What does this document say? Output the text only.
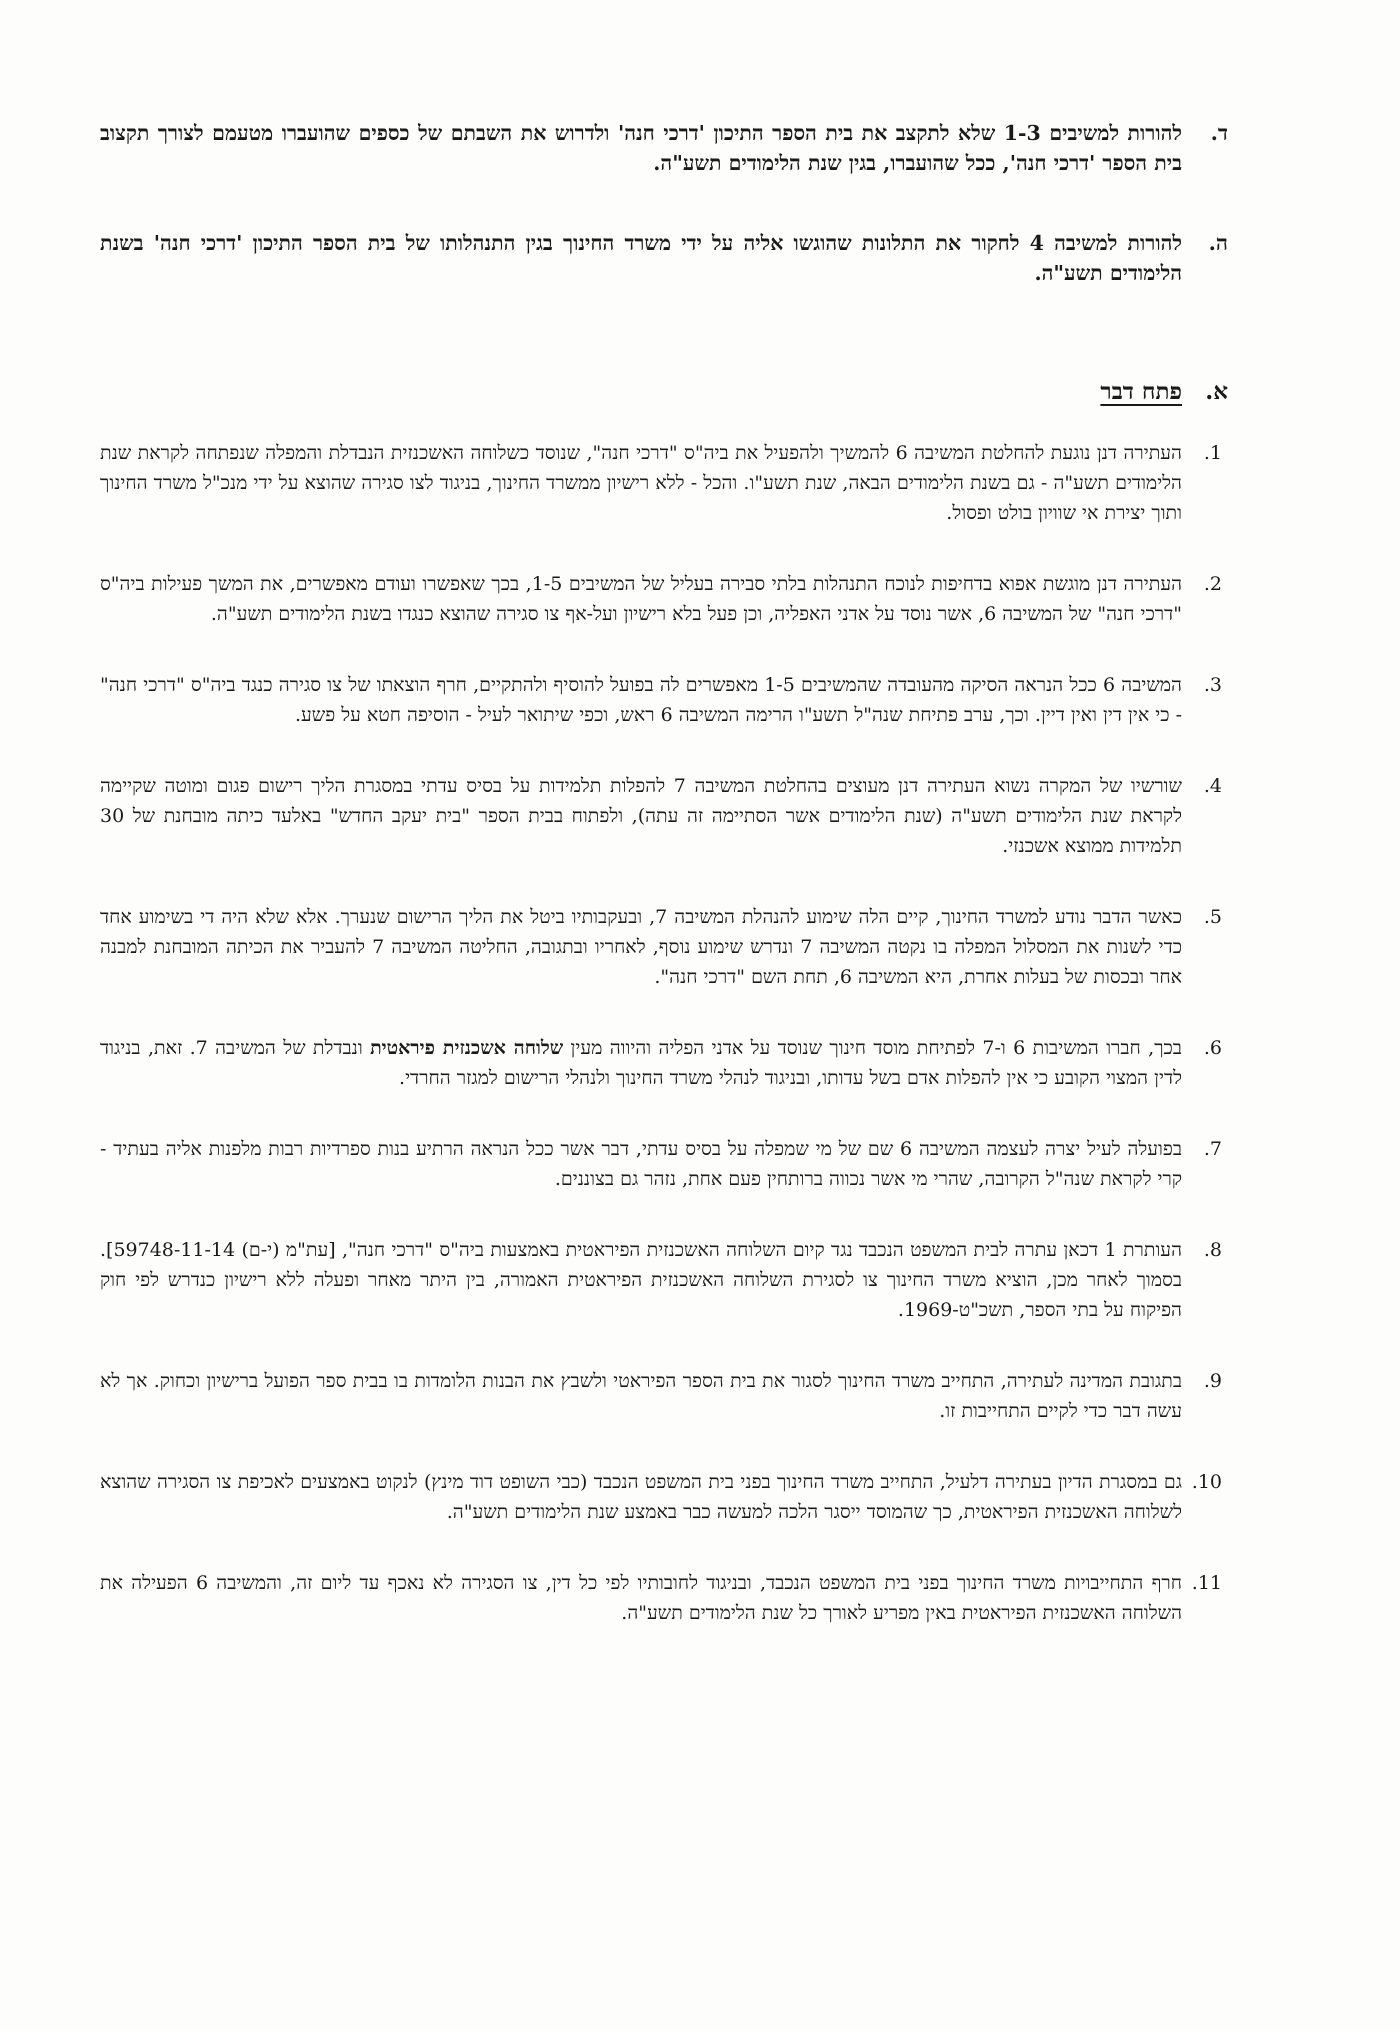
ד.
להורות למשיבים 1-3 שלא לתקצב את בית הספר התיכון 'דרכי חנה' ולדרוש את השבתם של כספים שהועברו מטעמם לצורך תקצוב בית הספר 'דרכי חנה', ככל שהועברו, בגין שנת הלימודים תשע"ה.
ה.
להורות למשיבה 4 לחקור את התלונות שהוגשו אליה על ידי משרד החינוך בגין התנהלותו של בית הספר התיכון 'דרכי חנה' בשנת הלימודים תשע"ה.
א.
פתח דבר
1.
העתירה דנן נוגעת להחלטת המשיבה 6 להמשיך ולהפעיל את ביה"ס "דרכי חנה", שנוסד כשלוחה האשכנזית הנבדלת והמפלה שנפתחה לקראת שנת הלימודים תשע"ה - גם בשנת הלימודים הבאה, שנת תשע"ו. והכל - ללא רישיון ממשרד החינוך, בניגוד לצו סגירה שהוצא על ידי מנכ"ל משרד החינוך ותוך יצירת אי שוויון בולט ופסול.
2.
העתירה דנן מוגשת אפוא בדחיפות לנוכח התנהלות בלתי סבירה בעליל של המשיבים 1-5, בכך שאפשרו ועודם מאפשרים, את המשך פעילות ביה"ס "דרכי חנה" של המשיבה 6, אשר נוסד על אדני האפליה, וכן פעל בלא רישיון ועל-אף צו סגירה שהוצא כנגדו בשנת הלימודים תשע"ה.
3.
המשיבה 6 ככל הנראה הסיקה מהעובדה שהמשיבים 1-5 מאפשרים לה בפועל להוסיף ולהתקיים, חרף הוצאתו של צו סגירה כנגד ביה"ס "דרכי חנה" - כי אין דין ואין דיין. וכך, ערב פתיחת שנה"ל תשע"ו הרימה המשיבה 6 ראש, וכפי שיתואר לעיל - הוסיפה חטא על פשע.
4.
שורשיו של המקרה נשוא העתירה דנן מעוצים בהחלטת המשיבה 7 להפלות תלמידות על בסיס עדתי במסגרת הליך רישום פגום ומוטה שקיימה לקראת שנת הלימודים תשע"ה (שנת הלימודים אשר הסתיימה זה עתה), ולפתוח בבית הספר "בית יעקב החדש" באלעד כיתה מובחנת של 30 תלמידות ממוצא אשכנזי.
5.
כאשר הדבר נודע למשרד החינוך, קיים הלה שימוע להנהלת המשיבה 7, ובעקבותיו ביטל את הליך הרישום שנערך. אלא שלא היה די בשימוע אחד כדי לשנות את המסלול המפלה בו נקטה המשיבה 7 ונדרש שימוע נוסף, לאחריו ובתגובה, החליטה המשיבה 7 להעביר את הכיתה המובחנת למבנה אחר ובכסות של בעלות אחרת, היא המשיבה 6, תחת השם "דרכי חנה".
6.
בכך, חברו המשיבות 6 ו-7 לפתיחת מוסד חינוך שנוסד על אדני הפליה והיווה מעין שלוחה אשכנזית פיראטית ונבדלת של המשיבה 7. זאת, בניגוד לדין המצוי הקובע כי אין להפלות אדם בשל עדותו, ובניגוד לנהלי משרד החינוך ולנהלי הרישום למגזר החרדי.
7.
בפועלה לעיל יצרה לעצמה המשיבה 6 שם של מי שמפלה על בסיס עדתי, דבר אשר ככל הנראה הרתיע בנות ספרדיות רבות מלפנות אליה בעתיד - קרי לקראת שנה"ל הקרובה, שהרי מי אשר נכווה ברותחין פעם אחת, נזהר גם בצוננים.
8.
העותרת 1 דכאן עתרה לבית המשפט הנכבד נגד קיום השלוחה האשכנזית הפיראטית באמצעות ביה"ס "דרכי חנה", [עת"מ (י-ם) 59748-11-14]. בסמוך לאחר מכן, הוציא משרד החינוך צו לסגירת השלוחה האשכנזית הפיראטית האמורה, בין היתר מאחר ופעלה ללא רישיון כנדרש לפי חוק הפיקוח על בתי הספר, תשכ"ט-1969.
9.
בתגובת המדינה לעתירה, התחייב משרד החינוך לסגור את בית הספר הפיראטי ולשבץ את הבנות הלומדות בו בבית ספר הפועל ברישיון וכחוק. אך לא עשה דבר כדי לקיים התחייבות זו.
10.
גם במסגרת הדיון בעתירה דלעיל, התחייב משרד החינוך בפני בית המשפט הנכבד (כבי השופט דוד מינץ) לנקוט באמצעים לאכיפת צו הסגירה שהוצא לשלוחה האשכנזית הפיראטית, כך שהמוסד ייסגר הלכה למעשה כבר באמצע שנת הלימודים תשע"ה.
11.
חרף התחייבויות משרד החינוך בפני בית המשפט הנכבד, ובניגוד לחובותיו לפי כל דין, צו הסגירה לא נאכף עד ליום זה, והמשיבה 6 הפעילה את השלוחה האשכנזית הפיראטית באין מפריע לאורך כל שנת הלימודים תשע"ה.
